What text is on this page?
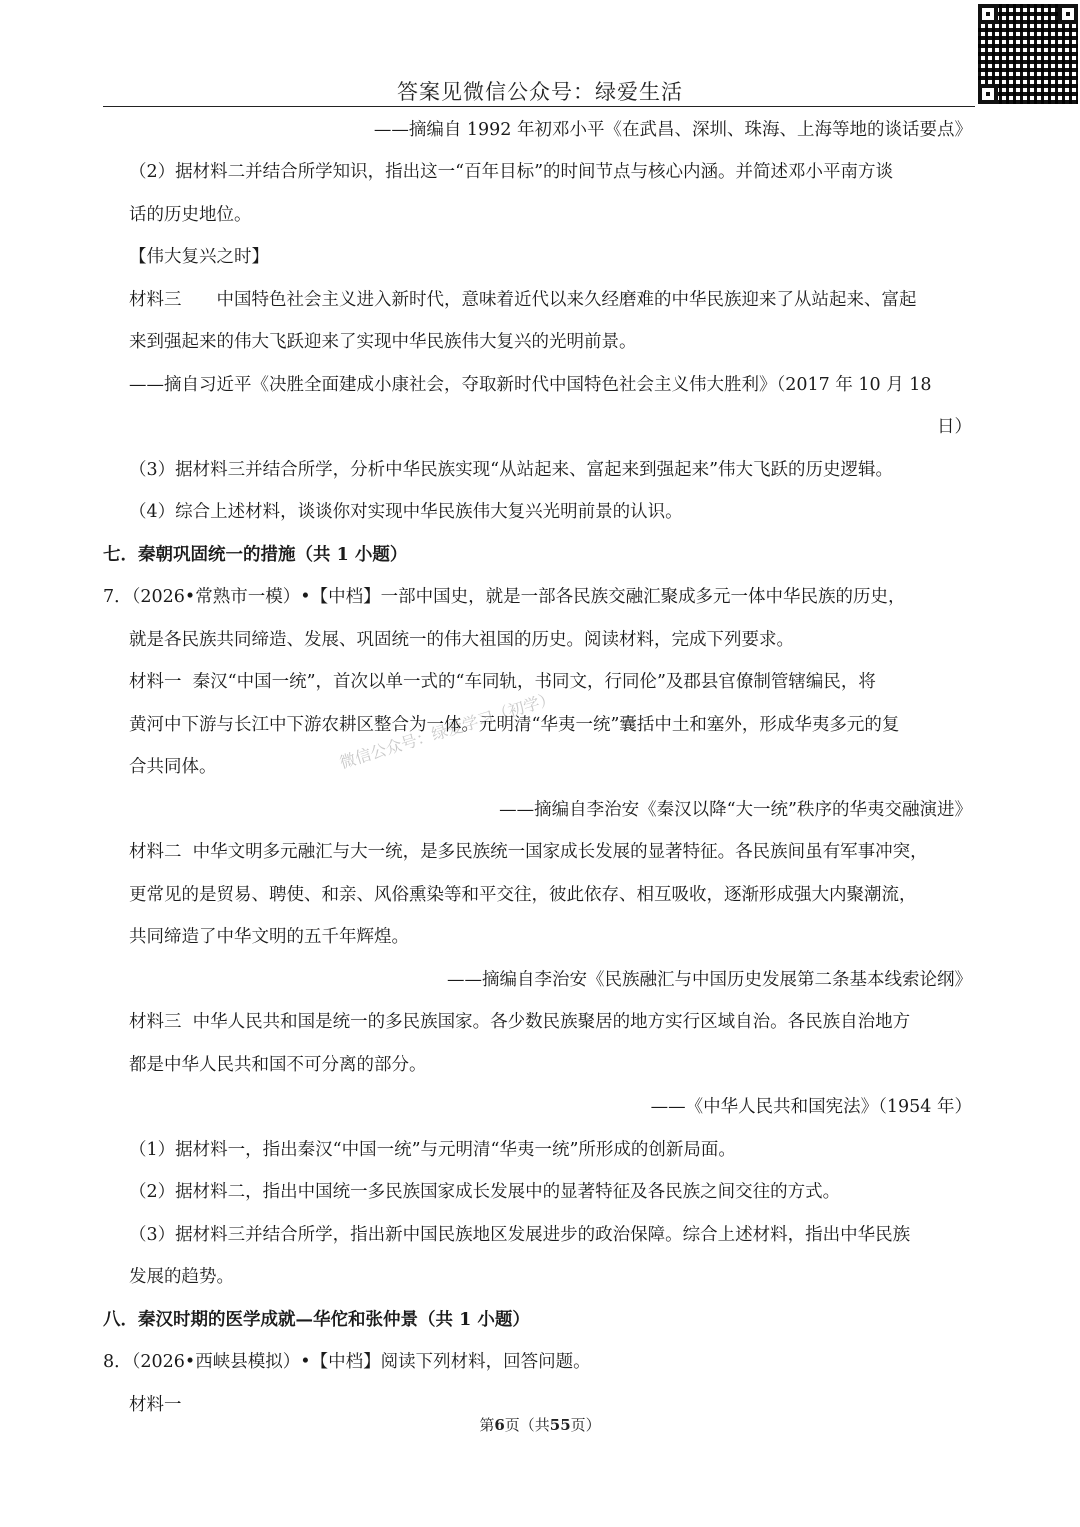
答案见微信公众号：绿爱生活
微信公众号：绿爱学习（初学）
——摘编自 1992 年初邓小平《在武昌、深圳、珠海、上海等地的谈话要点》
（2）据材料二并结合所学知识，指出这一“百年目标”的时间节点与核心内涵。并简述邓小平南方谈
话的历史地位。
【伟大复兴之时】
材料三　　中国特色社会主义进入新时代，意味着近代以来久经磨难的中华民族迎来了从站起来、富起
来到强起来的伟大飞跃迎来了实现中华民族伟大复兴的光明前景。
——摘自习近平《决胜全面建成小康社会，夺取新时代中国特色社会主义伟大胜利》（2017 年 10 月 18
日）
（3）据材料三并结合所学，分析中华民族实现“从站起来、富起来到强起来”伟大飞跃的历史逻辑。
（4）综合上述材料，谈谈你对实现中华民族伟大复兴光明前景的认识。
七．秦朝巩固统一的措施（共 1 小题）
7．（2026•常熟市一模）•【中档】一部中国史，就是一部各民族交融汇聚成多元一体中华民族的历史，
就是各民族共同缔造、发展、巩固统一的伟大祖国的历史。阅读材料，完成下列要求。
材料一  秦汉“中国一统”，首次以单一式的“车同轨，书同文，行同伦”及郡县官僚制管辖编民，将
黄河中下游与长江中下游农耕区整合为一体。元明清“华夷一统”囊括中土和塞外，形成华夷多元的复
合共同体。
——摘编自李治安《秦汉以降“大一统”秩序的华夷交融演进》
材料二  中华文明多元融汇与大一统，是多民族统一国家成长发展的显著特征。各民族间虽有军事冲突，
更常见的是贸易、聘使、和亲、风俗熏染等和平交往，彼此依存、相互吸收，逐渐形成强大内聚潮流，
共同缔造了中华文明的五千年辉煌。
——摘编自李治安《民族融汇与中国历史发展第二条基本线索论纲》
材料三  中华人民共和国是统一的多民族国家。各少数民族聚居的地方实行区域自治。各民族自治地方
都是中华人民共和国不可分离的部分。
——《中华人民共和国宪法》（1954 年）
（1）据材料一，指出秦汉“中国一统”与元明清“华夷一统”所形成的创新局面。
（2）据材料二，指出中国统一多民族国家成长发展中的显著特征及各民族之间交往的方式。
（3）据材料三并结合所学，指出新中国民族地区发展进步的政治保障。综合上述材料，指出中华民族
发展的趋势。
八．秦汉时期的医学成就—华佗和张仲景（共 1 小题）
8．（2026•西峡县模拟）•【中档】阅读下列材料，回答问题。
材料一
第6页（共55页）
